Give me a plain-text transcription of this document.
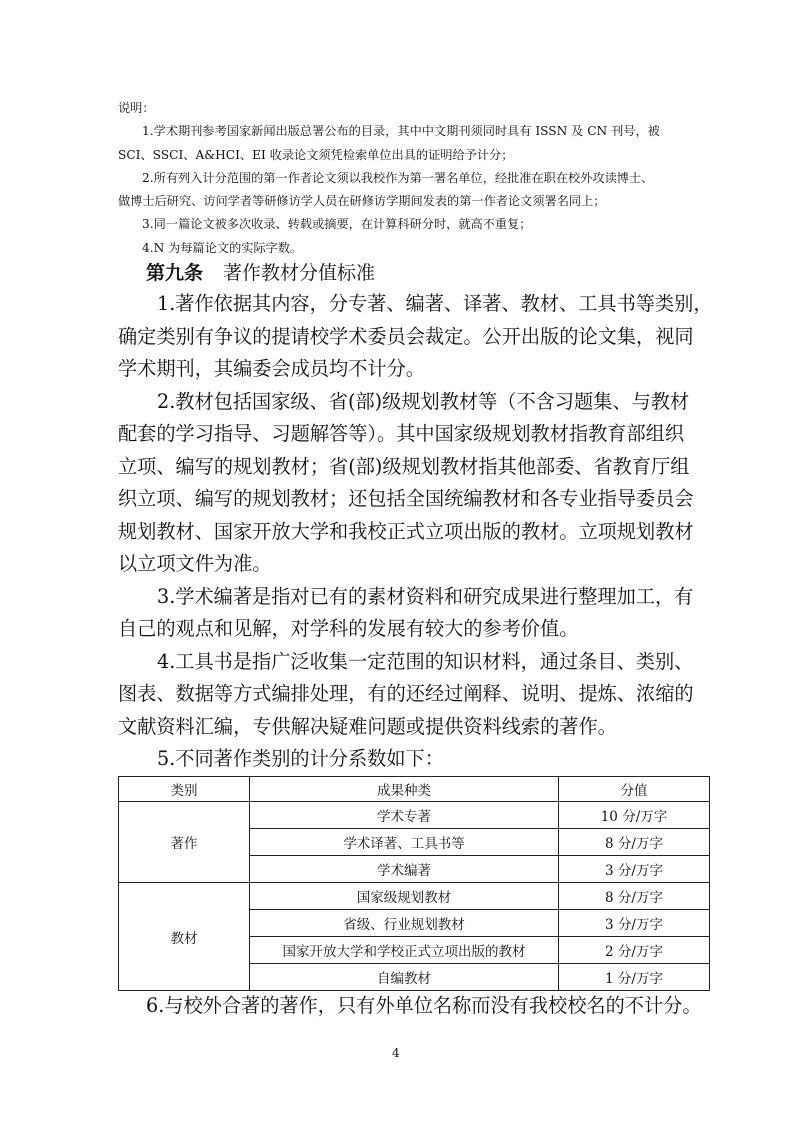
说明：
1.学术期刊参考国家新闻出版总署公布的目录，其中中文期刊须同时具有 ISSN 及 CN 刊号，被
SCI、SSCI、A&HCI、EI 收录论文须凭检索单位出具的证明给予计分；
2.所有列入计分范围的第一作者论文须以我校作为第一署名单位，经批准在职在校外攻读博士、
做博士后研究、访问学者等研修访学人员在研修访学期间发表的第一作者论文须署名同上；
3.同一篇论文被多次收录、转载或摘要，在计算科研分时，就高不重复；
4.N 为每篇论文的实际字数。
第九条 著作教材分值标准
1.著作依据其内容，分专著、编著、译著、教材、工具书等类别，
确定类别有争议的提请校学术委员会裁定。公开出版的论文集，视同
学术期刊，其编委会成员均不计分。
2.教材包括国家级、省(部)级规划教材等（不含习题集、与教材
配套的学习指导、习题解答等）。其中国家级规划教材指教育部组织
立项、编写的规划教材；省(部)级规划教材指其他部委、省教育厅组
织立项、编写的规划教材；还包括全国统编教材和各专业指导委员会
规划教材、国家开放大学和我校正式立项出版的教材。立项规划教材
以立项文件为准。
3.学术编著是指对已有的素材资料和研究成果进行整理加工，有
自己的观点和见解，对学科的发展有较大的参考价值。
4.工具书是指广泛收集一定范围的知识材料，通过条目、类别、
图表、数据等方式编排处理，有的还经过阐释、说明、提炼、浓缩的
文献资料汇编，专供解决疑难问题或提供资料线索的著作。
5.不同著作类别的计分系数如下：
类别	成果种类	分值
著作	学术专著	10 分/万字
	学术译著、工具书等	8 分/万字
	学术编著	3 分/万字
教材	国家级规划教材	8 分/万字
	省级、行业规划教材	3 分/万字
	国家开放大学和学校正式立项出版的教材	2 分/万字
	自编教材	1 分/万字
6.与校外合著的著作，只有外单位名称而没有我校校名的不计分。
4
